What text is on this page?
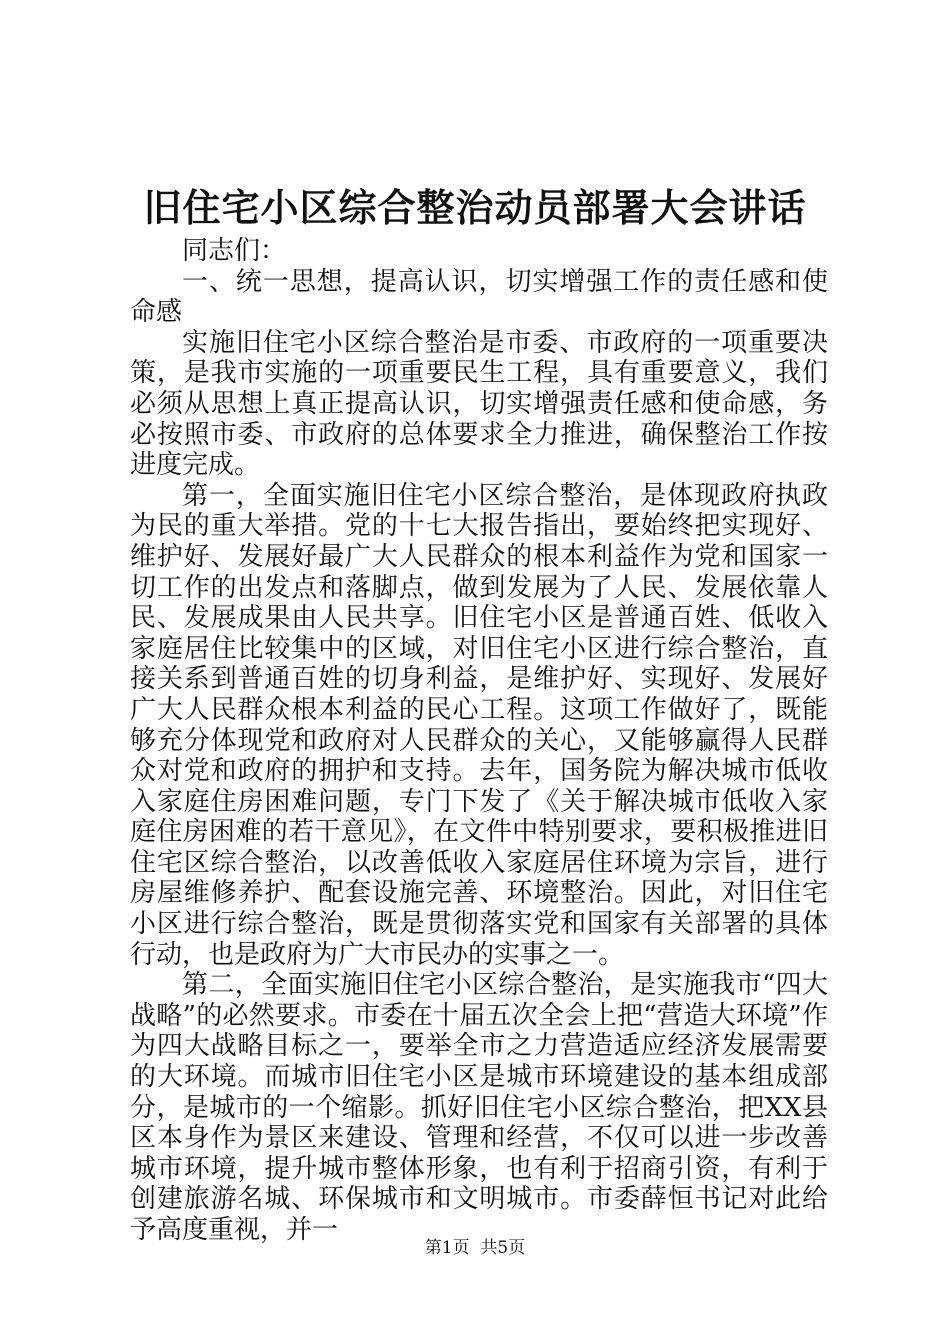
旧住宅小区综合整治动员部署大会讲话

同志们：

一、统一思想，提高认识，切实增强工作的责任感和使命感

实施旧住宅小区综合整治是市委、市政府的一项重要决策，是我市实施的一项重要民生工程，具有重要意义，我们必须从思想上真正提高认识，切实增强责任感和使命感，务必按照市委、市政府的总体要求全力推进，确保整治工作按进度完成。

第一，全面实施旧住宅小区综合整治，是体现政府执政为民的重大举措。党的十七大报告指出，要始终把实现好、维护好、发展好最广大人民群众的根本利益作为党和国家一切工作的出发点和落脚点，做到发展为了人民、发展依靠人民、发展成果由人民共享。旧住宅小区是普通百姓、低收入家庭居住比较集中的区域，对旧住宅小区进行综合整治，直接关系到普通百姓的切身利益，是维护好、实现好、发展好广大人民群众根本利益的民心工程。这项工作做好了，既能够充分体现党和政府对人民群众的关心，又能够赢得人民群众对党和政府的拥护和支持。去年，国务院为解决城市低收入家庭住房困难问题，专门下发了《关于解决城市低收入家庭住房困难的若干意见》，在文件中特别要求，要积极推进旧住宅区综合整治，以改善低收入家庭居住环境为宗旨，进行房屋维修养护、配套设施完善、环境整治。因此，对旧住宅小区进行综合整治，既是贯彻落实党和国家有关部署的具体行动，也是政府为广大市民办的实事之一。

第二，全面实施旧住宅小区综合整治，是实施我市“四大战略”的必然要求。市委在十届五次全会上把“营造大环境”作为四大战略目标之一，要举全市之力营造适应经济发展需要的大环境。而城市旧住宅小区是城市环境建设的基本组成部分，是城市的一个缩影。抓好旧住宅小区综合整治，把XX县区本身作为景区来建设、管理和经营，不仅可以进一步改善城市环境，提升城市整体形象，也有利于招商引资，有利于创建旅游名城、环保城市和文明城市。市委薛恒书记对此给予高度重视，并一

第1页  共5页
